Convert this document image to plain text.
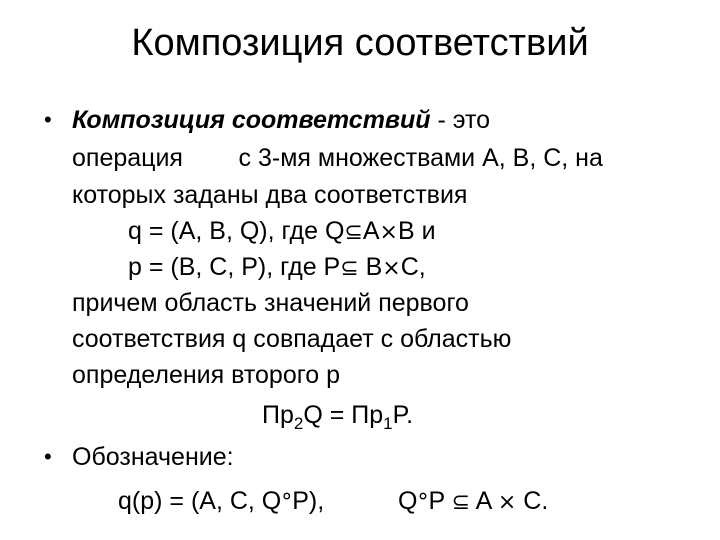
Композиция соответствий
• Композиция соответствий - это
операция        с 3-мя множествами A, B, C, на
которых заданы два соответствия
q = (A, B, Q), где Q⊆A×B и
p = (B, C, P), где P⊆ B×C,
причем область значений первого
соответствия q совпадает с областью
определения второго p
$Пр_2Q = Пр_1P$.
• Обозначение:
q(p) = (A, C, Q°P),	Q°P ⊆ A × C.
